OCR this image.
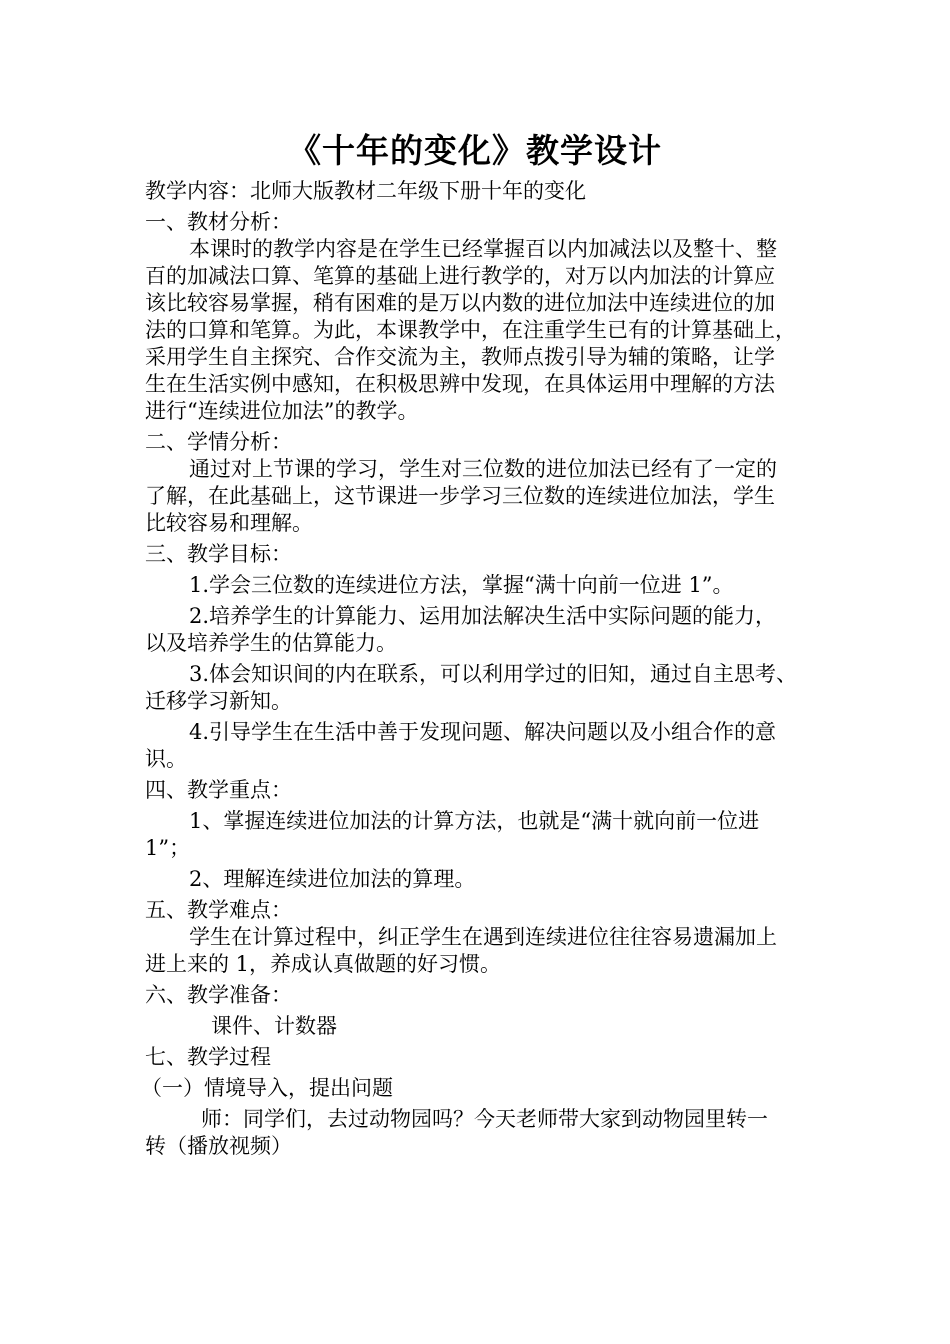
《十年的变化》教学设计
教学内容：北师大版教材二年级下册十年的变化
一、教材分析：
本课时的教学内容是在学生已经掌握百以内加减法以及整十、整
百的加减法口算、笔算的基础上进行教学的，对万以内加法的计算应
该比较容易掌握，稍有困难的是万以内数的进位加法中连续进位的加
法的口算和笔算。为此，本课教学中，在注重学生已有的计算基础上，
采用学生自主探究、合作交流为主，教师点拨引导为辅的策略，让学
生在生活实例中感知，在积极思辨中发现，在具体运用中理解的方法
进行“连续进位加法”的教学。
二、学情分析：
通过对上节课的学习，学生对三位数的进位加法已经有了一定的
了解，在此基础上，这节课进一步学习三位数的连续进位加法，学生
比较容易和理解。
三、教学目标：
1.学会三位数的连续进位方法，掌握“满十向前一位进 1”。
2.培养学生的计算能力、运用加法解决生活中实际问题的能力，
以及培养学生的估算能力。
3.体会知识间的内在联系，可以利用学过的旧知，通过自主思考、
迁移学习新知。
4.引导学生在生活中善于发现问题、解决问题以及小组合作的意
识。
四、教学重点：
1、掌握连续进位加法的计算方法，也就是“满十就向前一位进
1”；
2、理解连续进位加法的算理。
五、教学难点：
学生在计算过程中，纠正学生在遇到连续进位往往容易遗漏加上
进上来的 1，养成认真做题的好习惯。
六、教学准备：
课件、计数器
七、教学过程
（一）情境导入，提出问题
师：同学们，去过动物园吗？今天老师带大家到动物园里转一
转（播放视频）
